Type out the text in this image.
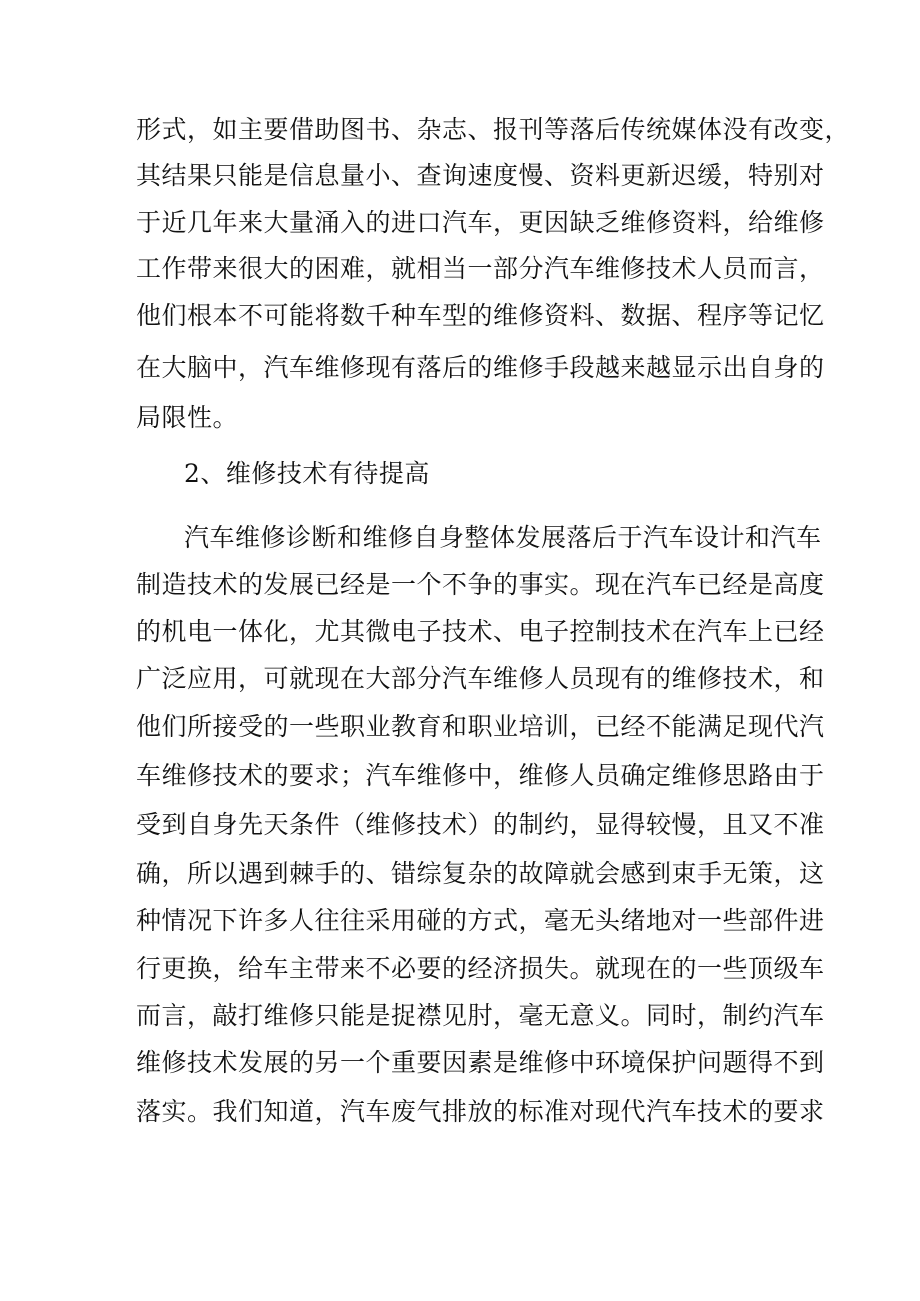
形式，如主要借助图书、杂志、报刊等落后传统媒体没有改变，

其结果只能是信息量小、查询速度慢、资料更新迟缓，特别对

于近几年来大量涌入的进口汽车，更因缺乏维修资料，给维修

工作带来很大的困难，就相当一部分汽车维修技术人员而言，

他们根本不可能将数千种车型的维修资料、数据、程序等记忆

在大脑中，汽车维修现有落后的维修手段越来越显示出自身的

局限性。

2、维修技术有待提高

汽车维修诊断和维修自身整体发展落后于汽车设计和汽车

制造技术的发展已经是一个不争的事实。现在汽车已经是高度

的机电一体化，尤其微电子技术、电子控制技术在汽车上已经

广泛应用，可就现在大部分汽车维修人员现有的维修技术，和

他们所接受的一些职业教育和职业培训，已经不能满足现代汽

车维修技术的要求；汽车维修中，维修人员确定维修思路由于

受到自身先天条件（维修技术）的制约，显得较慢，且又不准

确，所以遇到棘手的、错综复杂的故障就会感到束手无策，这

种情况下许多人往往采用碰的方式，毫无头绪地对一些部件进

行更换，给车主带来不必要的经济损失。就现在的一些顶级车

而言，敲打维修只能是捉襟见肘，毫无意义。同时，制约汽车

维修技术发展的另一个重要因素是维修中环境保护问题得不到

落实。我们知道，汽车废气排放的标准对现代汽车技术的要求
